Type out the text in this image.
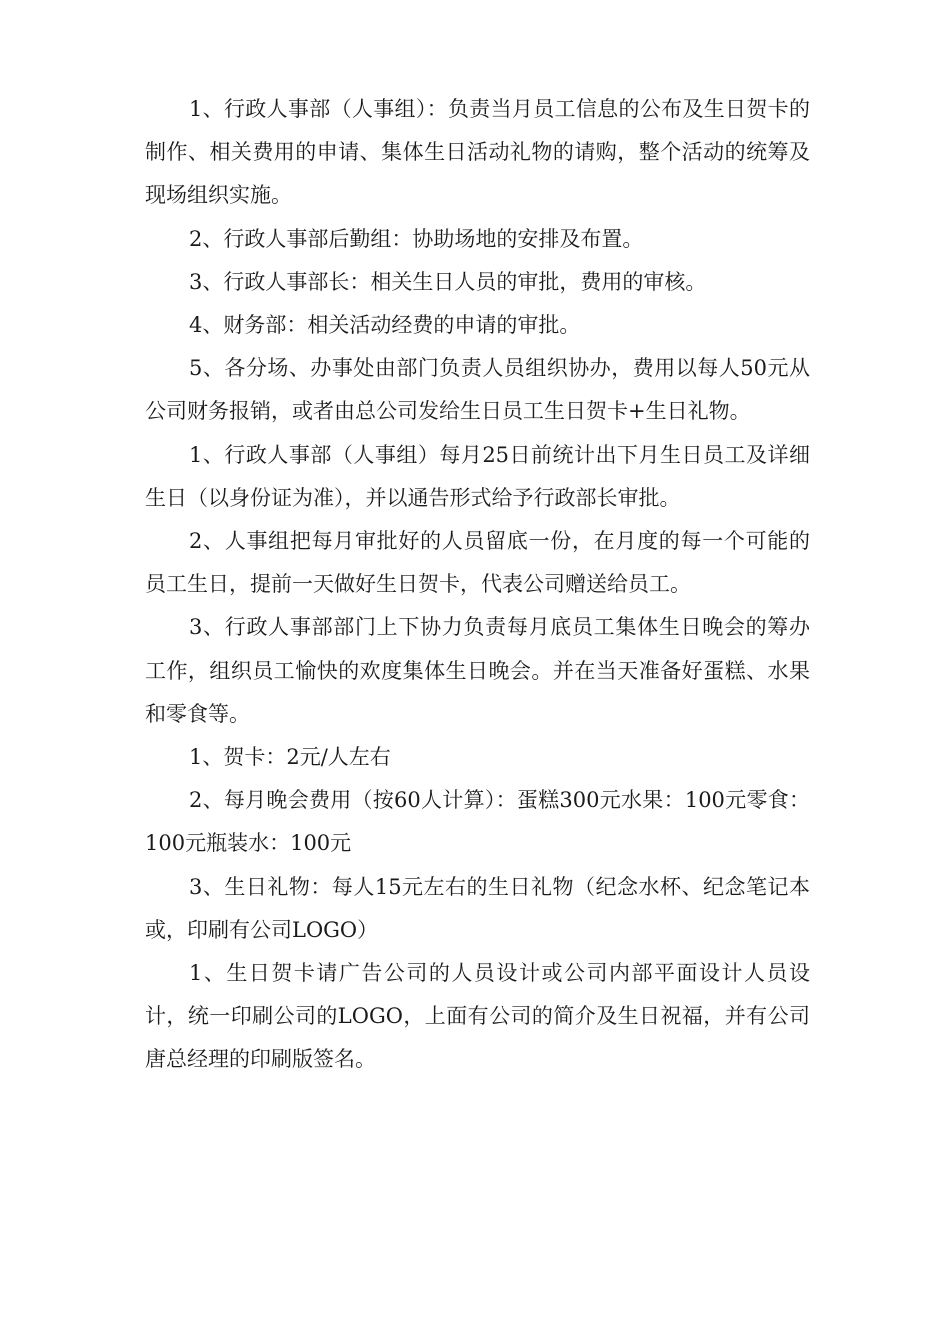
1、行政人事部（人事组）：负责当月员工信息的公布及生日贺卡的制作、相关费用的申请、集体生日活动礼物的请购，整个活动的统筹及现场组织实施。

2、行政人事部后勤组：协助场地的安排及布置。

3、行政人事部长：相关生日人员的审批，费用的审核。

4、财务部：相关活动经费的申请的审批。

5、各分场、办事处由部门负责人员组织协办，费用以每人50元从公司财务报销，或者由总公司发给生日员工生日贺卡+生日礼物。

1、行政人事部（人事组）每月25日前统计出下月生日员工及详细生日（以身份证为准），并以通告形式给予行政部长审批。

2、人事组把每月审批好的人员留底一份，在月度的每一个可能的员工生日，提前一天做好生日贺卡，代表公司赠送给员工。

3、行政人事部部门上下协力负责每月底员工集体生日晚会的筹办工作，组织员工愉快的欢度集体生日晚会。并在当天准备好蛋糕、水果和零食等。

1、贺卡：2元/人左右

2、每月晚会费用（按60人计算）：蛋糕300元水果：100元零食：100元瓶装水：100元

3、生日礼物：每人15元左右的生日礼物（纪念水杯、纪念笔记本或，印刷有公司LOGO）

1、生日贺卡请广告公司的人员设计或公司内部平面设计人员设计，统一印刷公司的LOGO，上面有公司的简介及生日祝福，并有公司唐总经理的印刷版签名。
